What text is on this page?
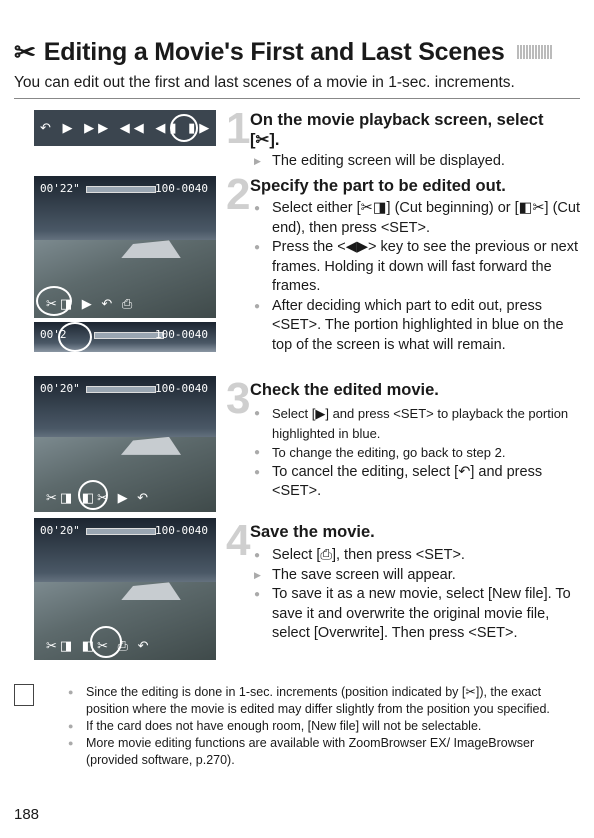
✂ Editing a Movie's First and Last Scenes
You can edit out the first and last scenes of a movie in 1-sec. increments.
↶ ▶ ▶▶ ◀◀ ◀▮ ▮▶
00'22"	100-0040
✂◨ ▶ ↶ ⎙
00'2	100-0040
00'20"	100-0040
✂◨ ◧✂ ▶ ↶
00'20"	100-0040
✂◨ ◧✂ ⎙ ↶
1 On the movie playback screen, select [✂].
▶ The editing screen will be displayed.
2 Specify the part to be edited out.
● Select either [✂◨] (Cut beginning) or [◧✂] (Cut end), then press <SET>.
● Press the <◀▶> key to see the previous or next frames. Holding it down will fast forward the frames.
● After deciding which part to edit out, press <SET>. The portion highlighted in blue on the top of the screen is what will remain.
3 Check the edited movie.
● Select [▶] and press <SET> to playback the portion highlighted in blue.
● To change the editing, go back to step 2.
● To cancel the editing, select [↶] and press <SET>.
4 Save the movie.
● Select [⎙], then press <SET>.
▶ The save screen will appear.
● To save it as a new movie, select [New file]. To save it and overwrite the original movie file, select [Overwrite]. Then press <SET>.
● Since the editing is done in 1-sec. increments (position indicated by [✂]), the exact position where the movie is edited may differ slightly from the position you specified.
● If the card does not have enough room, [New file] will not be selectable.
● More movie editing functions are available with ZoomBrowser EX/ ImageBrowser (provided software, p.270).
188
